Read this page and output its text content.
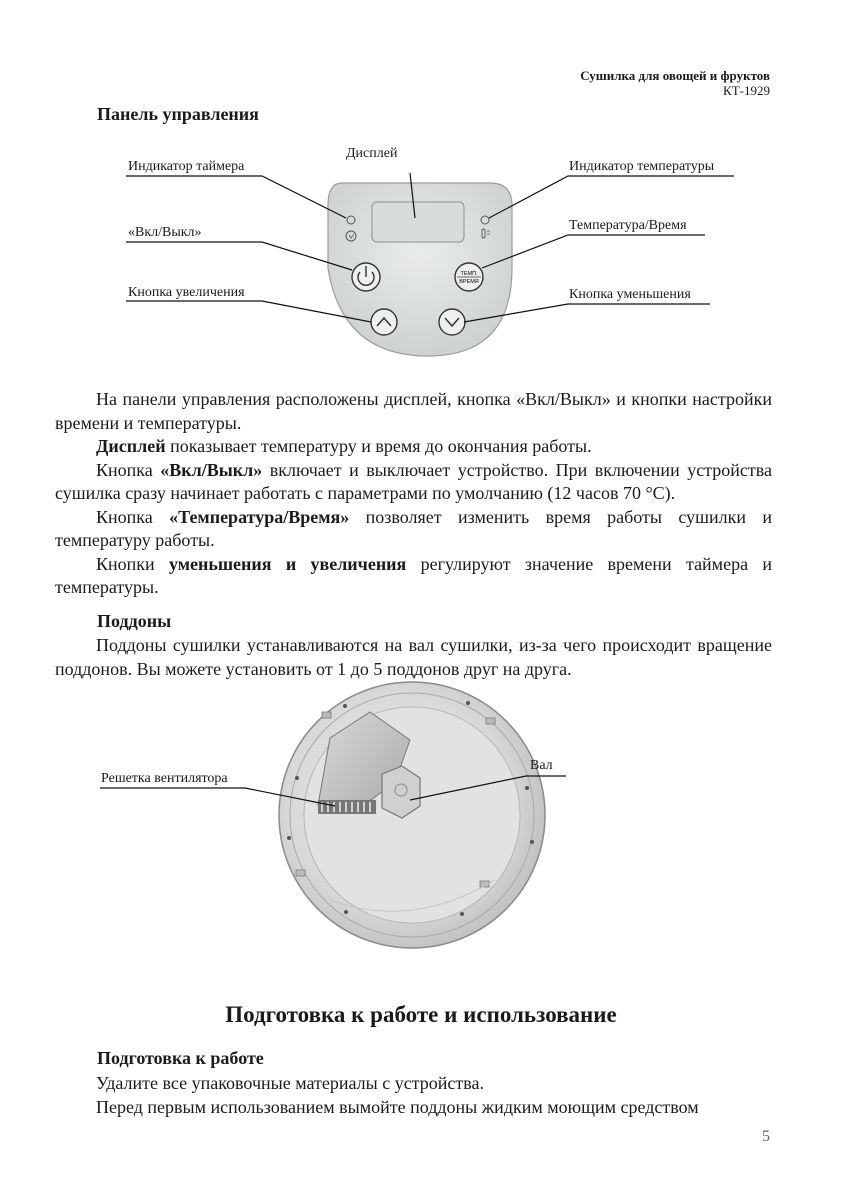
Сушилка для овощей и фруктов
КТ-1929
Панель управления
ТЕМП.
ВРЕМЯ
Дисплей
Индикатор таймера	Индикатор температуры
«Вкл/Выкл»	Температура/Время
Кнопка увеличения	Кнопка уменьшения

На панели управления расположены дисплей, кнопка «Вкл/Выкл» и кнопки настройки времени и температуры.

Дисплей показывает температуру и время до окончания работы.

Кнопка «Вкл/Выкл» включает и выключает устройство. При включении устройства сушилка сразу начинает работать с параметрами по умолчанию (12 часов 70 °С).

Кнопка «Температура/Время» позволяет изменить время работы сушилки и температуру работы.

Кнопки уменьшения и увеличения регулируют значение времени таймера и температуры.

Поддоны

Поддоны сушилки устанавливаются на вал сушилки, из-за чего происходит вращение поддонов. Вы можете установить от 1 до 5 поддонов друг на друга.

Решетка вентилятора
Вал
Подготовка к работе и использование
Подготовка к работе

Удалите все упаковочные материалы с устройства.

Перед первым использованием вымойте поддоны жидким моющим средством

5
